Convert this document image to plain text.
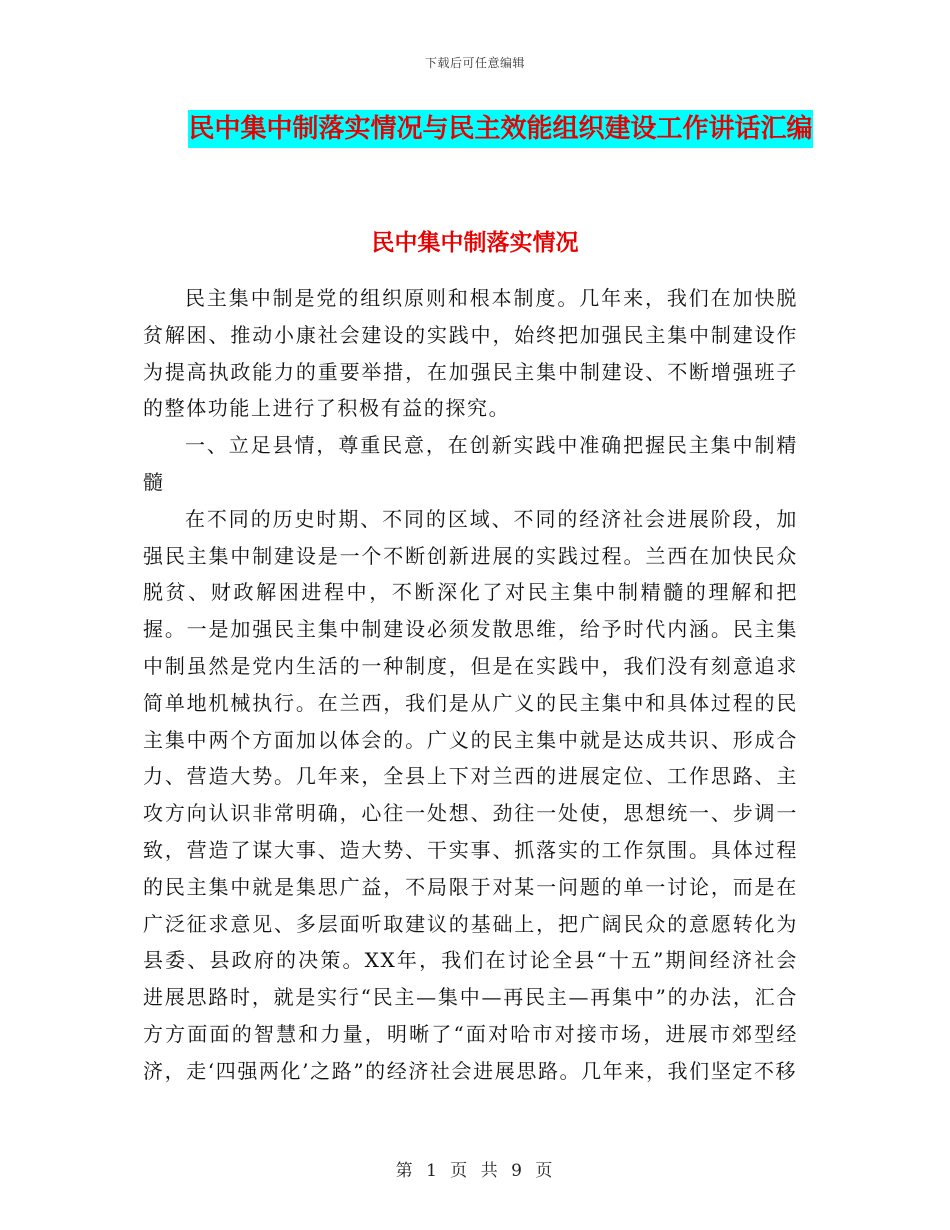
下载后可任意编辑
民中集中制落实情况与民主效能组织建设工作讲话汇编
民中集中制落实情况

民主集中制是党的组织原则和根本制度。几年来，我们在加快脱贫解困、推动小康社会建设的实践中，始终把加强民主集中制建设作为提高执政能力的重要举措，在加强民主集中制建设、不断增强班子的整体功能上进行了积极有益的探究。

一、立足县情，尊重民意，在创新实践中准确把握民主集中制精髓

在不同的历史时期、不同的区域、不同的经济社会进展阶段，加强民主集中制建设是一个不断创新进展的实践过程。兰西在加快民众脱贫、财政解困进程中，不断深化了对民主集中制精髓的理解和把握。一是加强民主集中制建设必须发散思维，给予时代内涵。民主集中制虽然是党内生活的一种制度，但是在实践中，我们没有刻意追求简单地机械执行。在兰西，我们是从广义的民主集中和具体过程的民主集中两个方面加以体会的。广义的民主集中就是达成共识、形成合力、营造大势。几年来，全县上下对兰西的进展定位、工作思路、主攻方向认识非常明确，心往一处想、劲往一处使，思想统一、步调一致，营造了谋大事、造大势、干实事、抓落实的工作氛围。具体过程的民主集中就是集思广益，不局限于对某一问题的单一讨论，而是在广泛征求意见、多层面听取建议的基础上，把广阔民众的意愿转化为县委、县政府的决策。XX年，我们在讨论全县“十五”期间经济社会进展思路时，就是实行“民主—集中—再民主—再集中”的办法，汇合方方面面的智慧和力量，明晰了“面对哈市对接市场，进展市郊型经济，走‘四强两化’之路”的经济社会进展思路。几年来，我们坚定不移

第 1 页 共 9 页
